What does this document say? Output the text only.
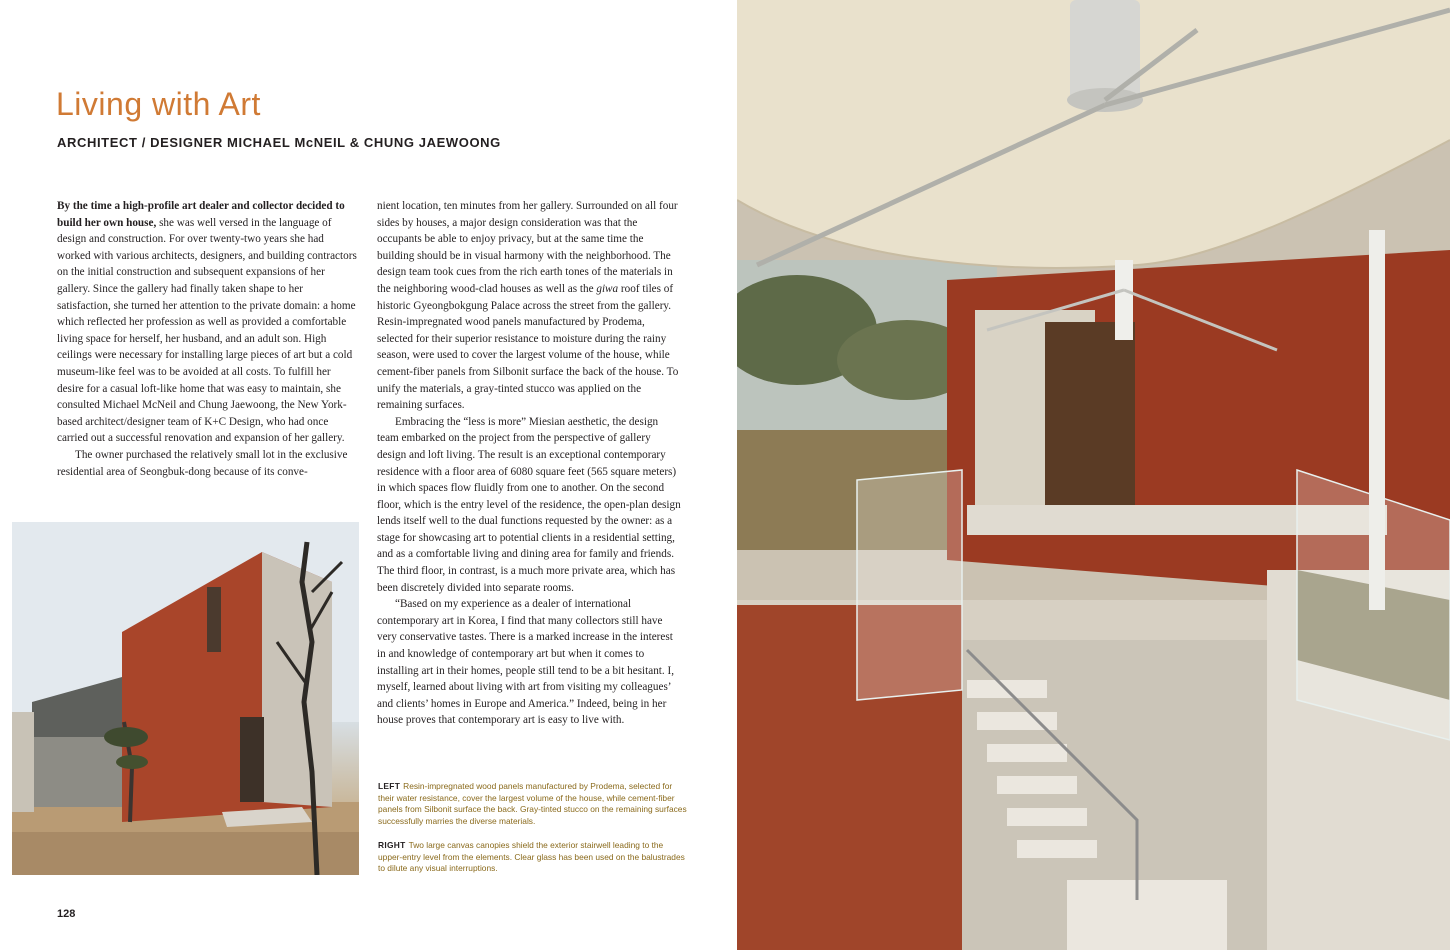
Living with Art
ARCHITECT / DESIGNER MICHAEL McNEIL & CHUNG JAEWOONG

By the time a high-profile art dealer and collector decided to build her own house, she was well versed in the language of design and construction. For over twenty-two years she had worked with various architects, designers, and building contractors on the initial construction and subsequent expansions of her gallery. Since the gallery had finally taken shape to her satisfaction, she turned her attention to the private domain: a home which reflected her profession as well as provided a comfortable living space for herself, her husband, and an adult son. High ceilings were necessary for installing large pieces of art but a cold museum-like feel was to be avoided at all costs. To fulfill her desire for a casual loft-like home that was easy to maintain, she consulted Michael McNeil and Chung Jaewoong, the New York-based architect/designer team of K+C Design, who had once carried out a successful renovation and expansion of her gallery.

The owner purchased the relatively small lot in the exclusive residential area of Seongbuk-dong because of its conve-

nient location, ten minutes from her gallery. Surrounded on all four sides by houses, a major design consideration was that the occupants be able to enjoy privacy, but at the same time the building should be in visual harmony with the neighborhood. The design team took cues from the rich earth tones of the materials in the neighboring wood-clad houses as well as the giwa roof tiles of historic Gyeongbokgung Palace across the street from the gallery. Resin-impregnated wood panels manufactured by Prodema, selected for their superior resistance to moisture during the rainy season, were used to cover the largest volume of the house, while cement-fiber panels from Silbonit surface the back of the house. To unify the materials, a gray-tinted stucco was applied on the remaining surfaces.

Embracing the “less is more” Miesian aesthetic, the design team embarked on the project from the perspective of gallery design and loft living. The result is an exceptional contemporary residence with a floor area of 6080 square feet (565 square meters) in which spaces flow fluidly from one to another. On the second floor, which is the entry level of the residence, the open-plan design lends itself well to the dual functions requested by the owner: as a stage for showcasing art to potential clients in a residential setting, and as a comfortable living and dining area for family and friends. The third floor, in contrast, is a much more private area, which has been discretely divided into separate rooms.

“Based on my experience as a dealer of international contemporary art in Korea, I find that many collectors still have very conservative tastes. There is a marked increase in the interest in and knowledge of contemporary art but when it comes to installing art in their homes, people still tend to be a bit hesitant. I, myself, learned about living with art from visiting my colleagues’ and clients’ homes in Europe and America.” Indeed, being in her house proves that contemporary art is easy to live with.

LEFT Resin-impregnated wood panels manufactured by Prodema, selected for their water resistance, cover the largest volume of the house, while cement-fiber panels from Silbonit surface the back. Gray-tinted stucco on the remaining surfaces successfully marries the diverse materials.

RIGHT Two large canvas canopies shield the exterior stairwell leading to the upper-entry level from the elements. Clear glass has been used on the balustrades to dilute any visual interruptions.

128
